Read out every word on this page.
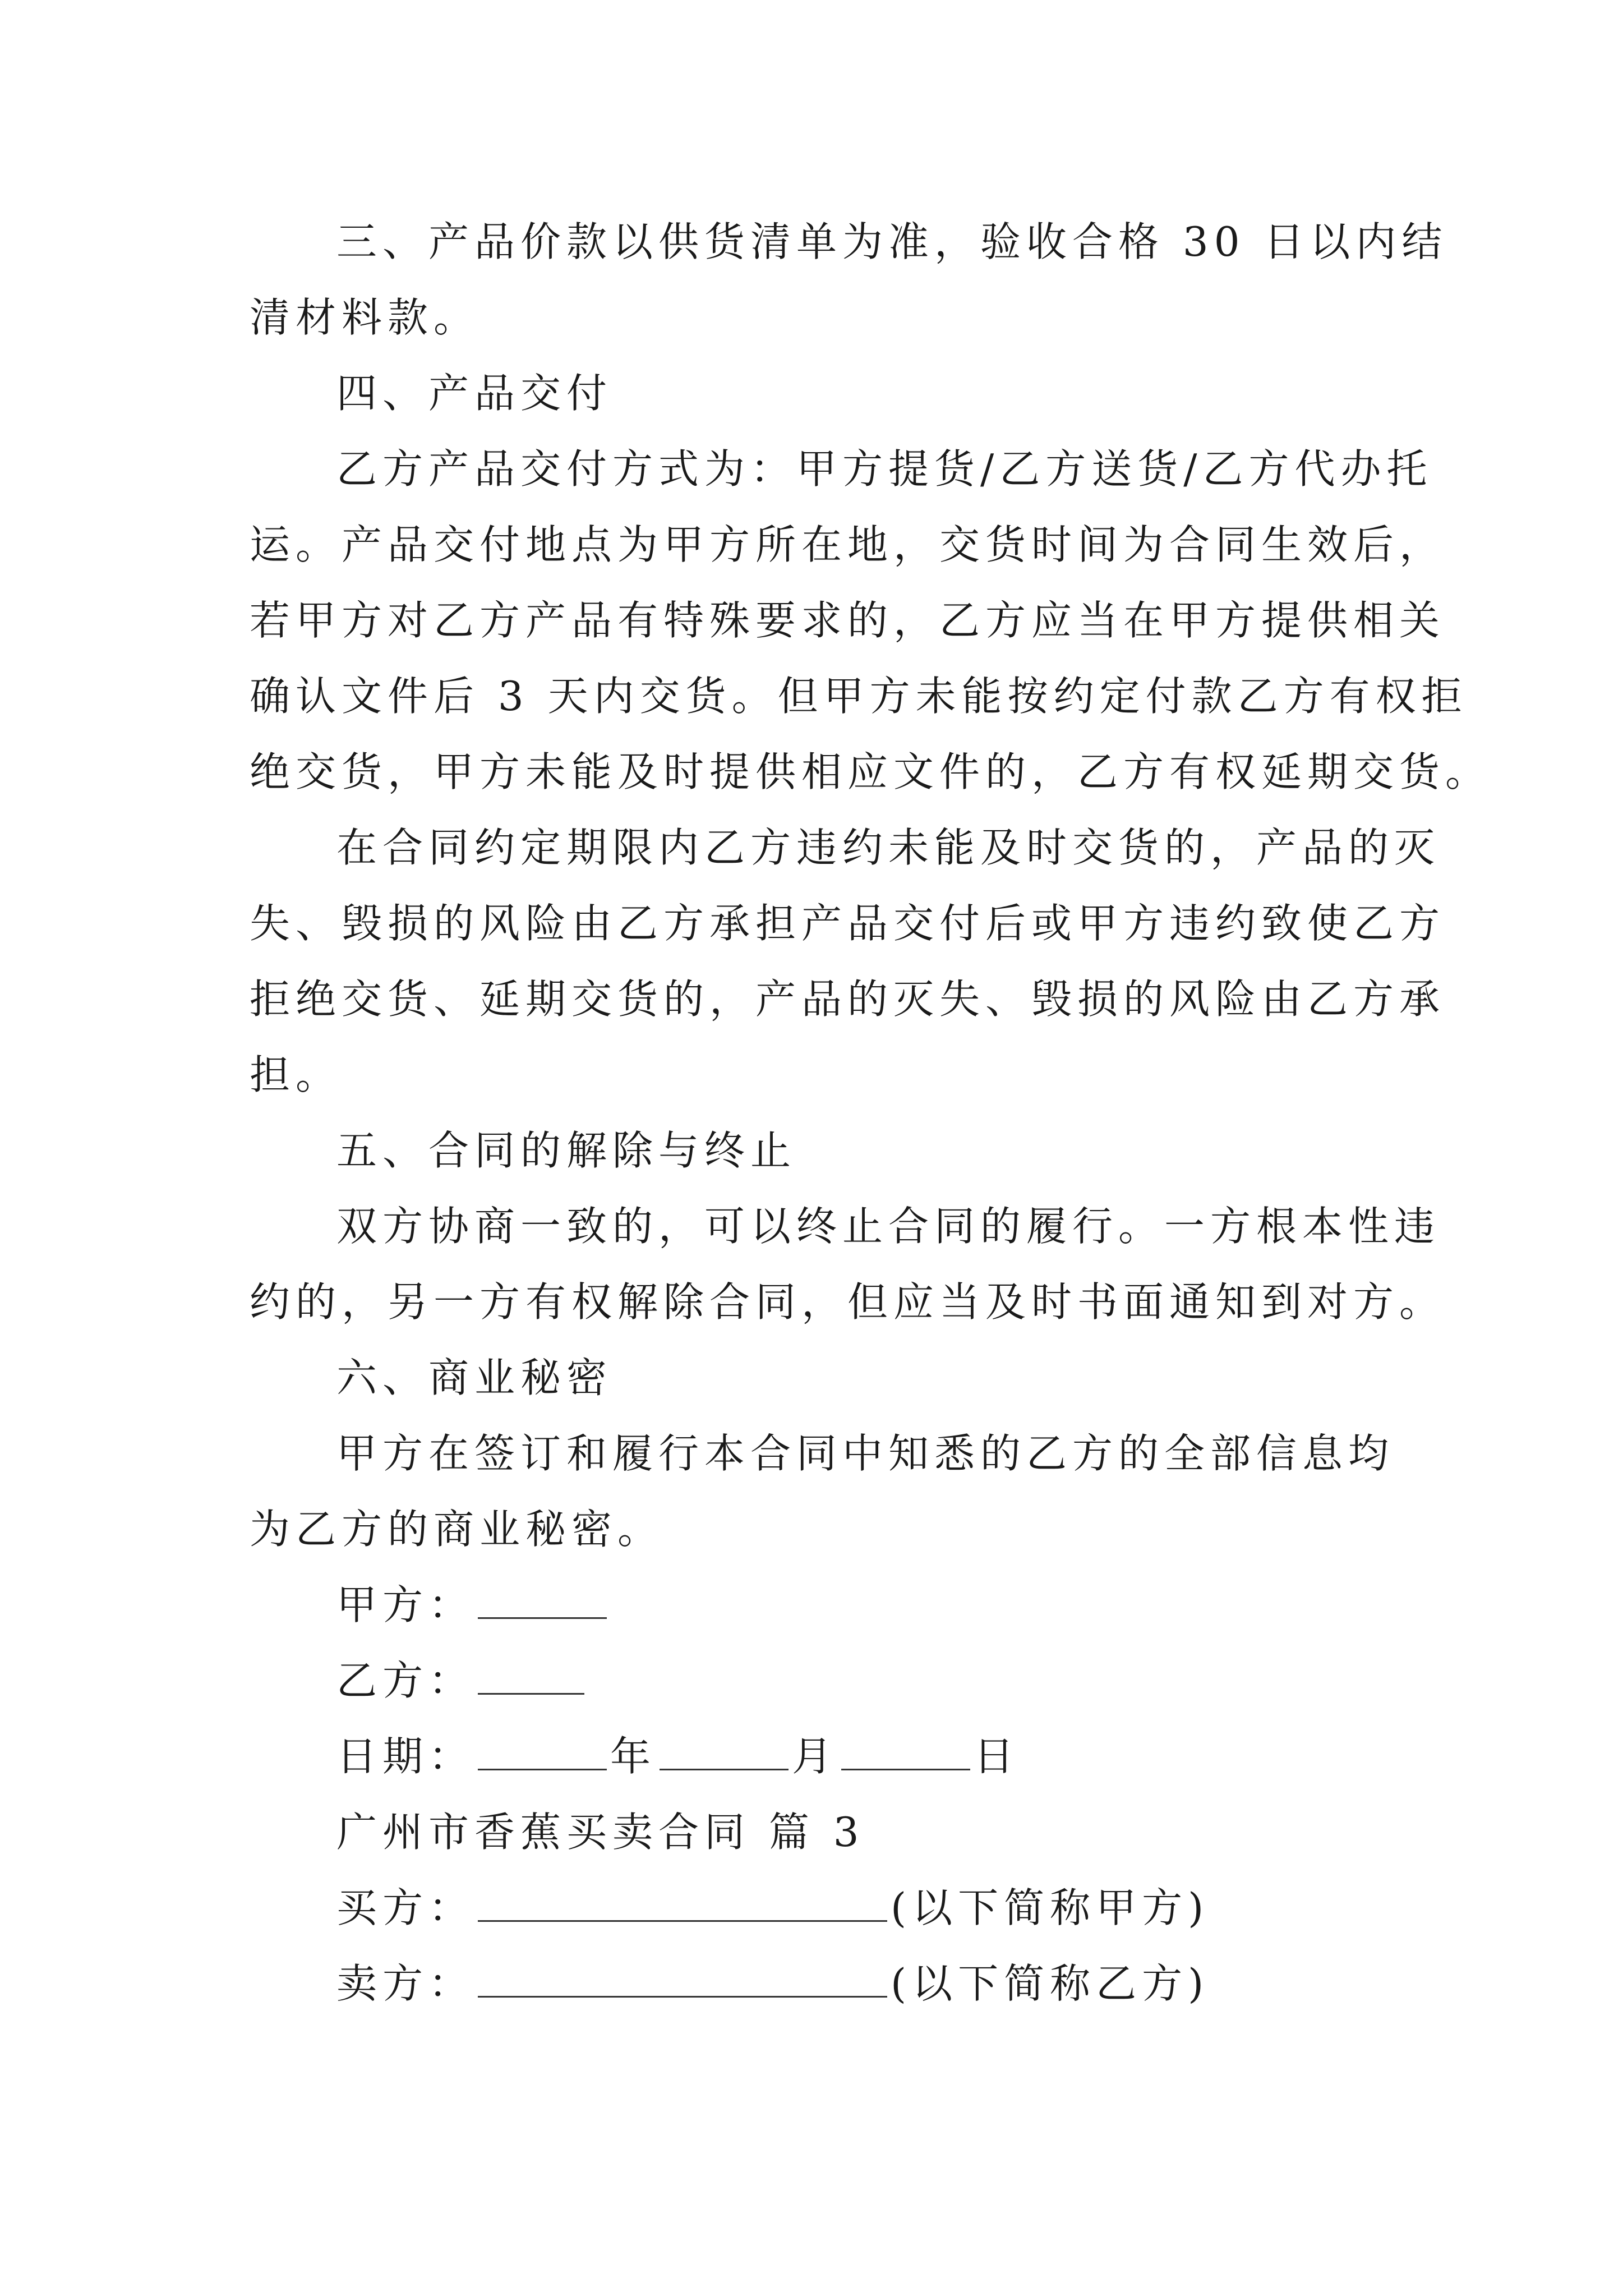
三、产品价款以供货清单为准，验收合格 30 日以内结
清材料款。
四、产品交付
乙方产品交付方式为：甲方提货/乙方送货/乙方代办托
运。产品交付地点为甲方所在地，交货时间为合同生效后，
若甲方对乙方产品有特殊要求的，乙方应当在甲方提供相关
确认文件后 3 天内交货。但甲方未能按约定付款乙方有权拒
绝交货，甲方未能及时提供相应文件的，乙方有权延期交货。
在合同约定期限内乙方违约未能及时交货的，产品的灭
失、毁损的风险由乙方承担产品交付后或甲方违约致使乙方
拒绝交货、延期交货的，产品的灭失、毁损的风险由乙方承
担。
五、合同的解除与终止
双方协商一致的，可以终止合同的履行。一方根本性违
约的，另一方有权解除合同，但应当及时书面通知到对方。
六、商业秘密
甲方在签订和履行本合同中知悉的乙方的全部信息均
为乙方的商业秘密。
甲方：
乙方：
日期：	年	月	日
广州市香蕉买卖合同 篇 3
买方：	(以下简称甲方)
卖方：	(以下简称乙方)
